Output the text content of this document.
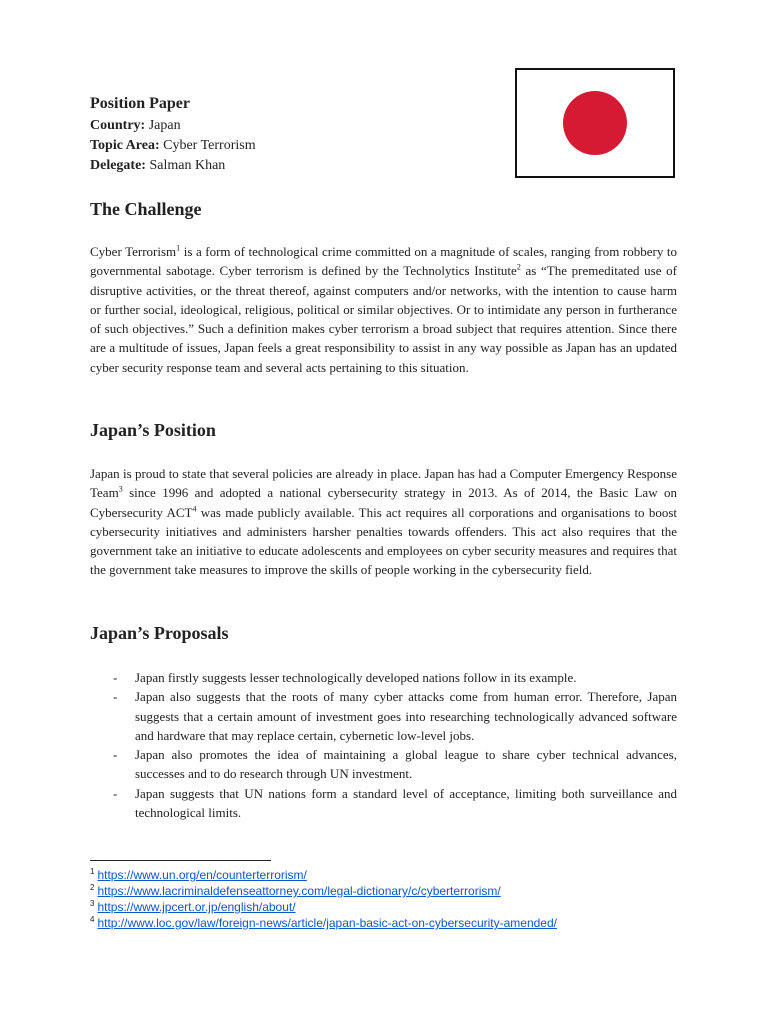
Position Paper
Country: Japan
Topic Area: Cyber Terrorism
Delegate: Salman Khan
The Challenge

Cyber Terrorism$^1$ is a form of technological crime committed on a magnitude of scales, ranging from robbery to governmental sabotage. Cyber terrorism is defined by the Technolytics Institute$^2$ as “The premeditated use of disruptive activities, or the threat thereof, against computers and/or networks, with the intention to cause harm or further social, ideological, religious, political or similar objectives. Or to intimidate any person in furtherance of such objectives.” Such a definition makes cyber terrorism a broad subject that requires attention. Since there are a multitude of issues, Japan feels a great responsibility to assist in any way possible as Japan has an updated cyber security response team and several acts pertaining to this situation.

Japan’s Position

Japan is proud to state that several policies are already in place. Japan has had a Computer Emergency Response Team$^3$ since 1996 and adopted a national cybersecurity strategy in 2013. As of 2014, the Basic Law on Cybersecurity ACT$^4$ was made publicly available. This act requires all corporations and organisations to boost cybersecurity initiatives and administers harsher penalties towards offenders. This act also requires that the government take an initiative to educate adolescents and employees on cyber security measures and requires that the government take measures to improve the skills of people working in the cybersecurity field.

Japan’s Proposals
- Japan firstly suggests lesser technologically developed nations follow in its example.
- Japan also suggests that the roots of many cyber attacks come from human error. Therefore, Japan suggests that a certain amount of investment goes into researching technologically advanced software and hardware that may replace certain, cybernetic low-level jobs.
- Japan also promotes the idea of maintaining a global league to share cyber technical advances, successes and to do research through UN investment.
- Japan suggests that UN nations form a standard level of acceptance, limiting both surveillance and technological limits.
$^1$ https://www.un.org/en/counterterrorism/
$^2$ https://www.lacriminaldefenseattorney.com/legal-dictionary/c/cyberterrorism/
$^3$ https://www.jpcert.or.jp/english/about/
$^4$ http://www.loc.gov/law/foreign-news/article/japan-basic-act-on-cybersecurity-amended/
